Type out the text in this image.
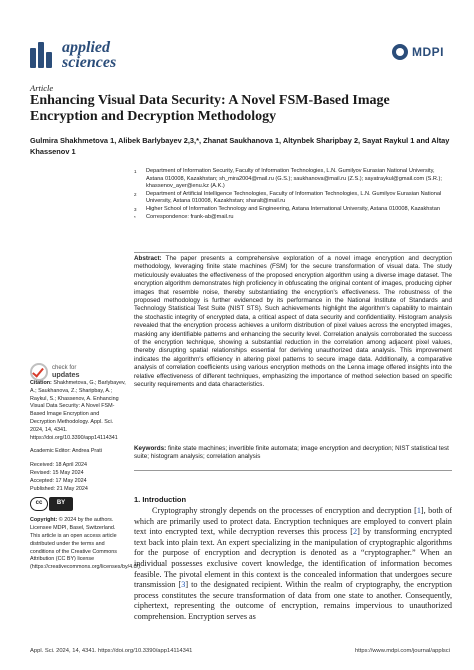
applied
sciences
MDPI
Article
Enhancing Visual Data Security: A Novel FSM-Based Image Encryption and Decryption Methodology
Gulmira Shakhmetova 1, Alibek Barlybayev 2,3,*, Zhanat Saukhanova 1, Altynbek Sharipbay 2, Sayat Raykul 1 and Altay Khassenov 1
1	Department of Information Security, Faculty of Information Technologies, L.N. Gumilyov Eurasian National University, Astana 010008, Kazakhstan; sh_mira2004@mail.ru (G.S.); saukhanova@mail.ru (Z.S.); sayatraykul@gmail.com (S.R.); khassenov_ayer@enu.kz (A.K.)
2	Department of Artificial Intelligence Technologies, Faculty of Information Technologies, L.N. Gumilyov Eurasian National University, Astana 010008, Kazakhstan; sharalt@mail.ru
3	Higher School of Information Technology and Engineering, Astana International University, Astana 010008, Kazakhstan
*	Correspondence: frank-ab@mail.ru
Abstract: The paper presents a comprehensive exploration of a novel image encryption and decryption methodology, leveraging finite state machines (FSM) for the secure transformation of visual data. The study meticulously evaluates the effectiveness of the proposed encryption algorithm using a diverse image dataset. The encryption algorithm demonstrates high proficiency in obfuscating the original content of images, producing cipher images that resemble noise, thereby substantiating the encryption's effectiveness. The robustness of the proposed methodology is further evidenced by its performance in the National Institute of Standards and Technology Statistical Test Suite (NIST STS). Such achievements highlight the algorithm's capability to maintain the stochastic integrity of encrypted data, a critical aspect of data security and confidentiality. Histogram analysis revealed that the encryption process achieves a uniform distribution of pixel values across the encrypted images, masking any identifiable patterns and enhancing the security level. Correlation analysis corroborated the success of the encryption technique, showing a substantial reduction in the correlation among adjacent pixel values, thereby disrupting spatial relationships essential for deriving unauthorized data analysis. This improvement indicates the algorithm's efficiency in altering pixel patterns to secure image data. Additionally, a comparative analysis of correlation coefficients using various encryption methods on the Lenna image offered insights into the relative effectiveness of different techniques, emphasizing the importance of method selection based on specific security requirements and data characteristics.
Keywords: finite state machines; invertible finite automata; image encryption and decryption; NIST statistical test suite; histogram analysis; correlation analysis
check for
updates

Citation: Shakhmetova, G.; Barlybayev, A.; Saukhanova, Z.; Sharipbay, A.; Raykul, S.; Khassenov, A. Enhancing Visual Data Security: A Novel FSM-Based Image Encryption and Decryption Methodology. Appl. Sci. 2024, 14, 4341. https://doi.org/10.3390/app14114341

Academic Editor: Andrea Prati

Received: 18 April 2024
Revised: 15 May 2024
Accepted: 17 May 2024
Published: 21 May 2024
cc	BY

Copyright: © 2024 by the authors. Licensee MDPI, Basel, Switzerland. This article is an open access article distributed under the terms and conditions of the Creative Commons Attribution (CC BY) license (https://creativecommons.org/licenses/by/4.0/).

1. Introduction
Cryptography strongly depends on the processes of encryption and decryption [1], both of which are primarily used to protect data. Encryption techniques are employed to convert plain text into encrypted text, while decryption reverses this process [2] by transforming encrypted text back into plain text. An expert specializing in the manipulation of cryptographic algorithms for the purpose of encryption and decryption is denoted as a “cryptographer.” When an individual possesses exclusive covert knowledge, the identification of information becomes feasible. The pivotal element in this context is the concealed information that undergoes secure transmission [3] to the designated recipient. Within the realm of cryptography, the encryption process constitutes the secure transformation of data from one state to another. Consequently, ciphertext, representing the outcome of encryption, remains impervious to unauthorized comprehension. Encryption serves as
Appl. Sci. 2024, 14, 4341. https://doi.org/10.3390/app14114341	https://www.mdpi.com/journal/applsci
